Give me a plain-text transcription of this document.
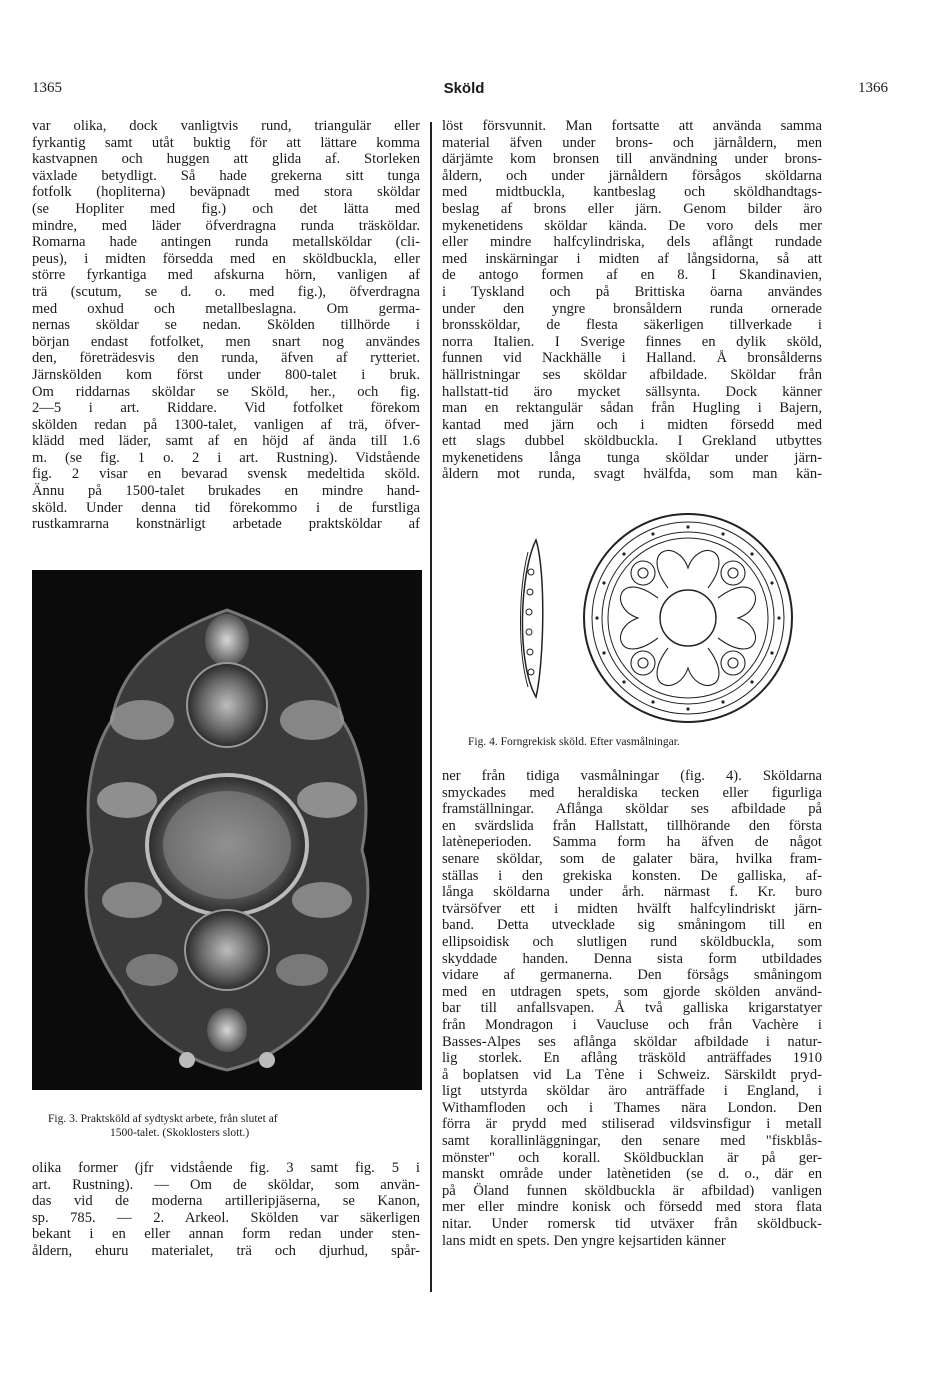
1365	Sköld	1366
var olika, dock vanligtvis rund, triangulär eller
fyrkantig samt utåt buktig för att lättare komma
kastvapnen och huggen att glida af. Storleken
växlade betydligt. Så hade grekerna sitt tunga
fotfolk (hopliterna) beväpnadt med stora sköldar
(se Hopliter med fig.) och det lätta med
mindre, med läder öfverdragna runda träsköldar.
Romarna hade antingen runda metallsköldar (cli-
peus), i midten försedda med en sköldbuckla, eller
större fyrkantiga med afskurna hörn, vanligen af
trä (scutum, se d. o. med fig.), öfverdragna
med oxhud och metallbeslagna. Om germa-
nernas sköldar se nedan. Skölden tillhörde i
början endast fotfolket, men snart nog användes
den, företrädesvis den runda, äfven af rytteriet.
Järnskölden kom först under 800-talet i bruk.
Om riddarnas sköldar se Sköld, her., och fig.
2—5 i art. Riddare. Vid fotfolket förekom
skölden redan på 1300-talet, vanligen af trä, öfver-
klädd med läder, samt af en höjd af ända till 1.6
m. (se fig. 1 o. 2 i art. Rustning). Vidstående
fig. 2 visar en bevarad svensk medeltida sköld.
Ännu på 1500-talet brukades en mindre hand-
sköld. Under denna tid förekommo i de furstliga
rustkamrarna konstnärligt arbetade praktsköldar af
Fig. 3. Praktsköld af sydtyskt arbete, från slutet af
1500-talet. (Skoklosters slott.)
olika former (jfr vidstående fig. 3 samt fig. 5 i
art. Rustning). — Om de sköldar, som använ-
das vid de moderna artilleripjäserna, se Kanon,
sp. 785. — 2. Arkeol. Skölden var säkerligen
bekant i en eller annan form redan under sten-
åldern, ehuru materialet, trä och djurhud, spår-
löst försvunnit. Man fortsatte att använda samma
material äfven under brons- och järnåldern, men
därjämte kom bronsen till användning under brons-
åldern, och under järnåldern försågos sköldarna
med midtbuckla, kantbeslag och sköldhandtags-
beslag af brons eller järn. Genom bilder äro
mykenetidens sköldar kända. De voro dels mer
eller mindre halfcylindriska, dels aflångt rundade
med inskärningar i midten af långsidorna, så att
de antogo formen af en 8. I Skandinavien,
i Tyskland och på Brittiska öarna användes
under den yngre bronsåldern runda ornerade
bronssköldar, de flesta säkerligen tillverkade i
norra Italien. I Sverige finnes en dylik sköld,
funnen vid Nackhälle i Halland. Å bronsålderns
hällristningar ses sköldar afbildade. Sköldar från
hallstatt-tid äro mycket sällsynta. Dock känner
man en rektangulär sådan från Hugling i Bajern,
kantad med järn och i midten försedd med
ett slags dubbel sköldbuckla. I Grekland utbyttes
mykenetidens långa tunga sköldar under järn-
åldern mot runda, svagt hvälfda, som man kän-
Fig. 4. Forngrekisk sköld. Efter vasmålningar.
ner från tidiga vasmålningar (fig. 4). Sköldarna
smyckades med heraldiska tecken eller figurliga
framställningar. Aflånga sköldar ses afbildade på
en svärdslida från Hallstatt, tillhörande den första
latèneperioden. Samma form ha äfven de något
senare sköldar, som de galater bära, hvilka fram-
ställas i den grekiska konsten. De galliska, af-
långa sköldarna under årh. närmast f. Kr. buro
tvärsöfver ett i midten hvälft halfcylindriskt järn-
band. Detta utvecklade sig småningom till en
ellipsoidisk och slutligen rund sköldbuckla, som
skyddade handen. Denna sista form utbildades
vidare af germanerna. Den försågs småningom
med en utdragen spets, som gjorde skölden använd-
bar till anfallsvapen. Å två galliska krigarstatyer
från Mondragon i Vaucluse och från Vachère i
Basses-Alpes ses aflånga sköldar afbildade i natur-
lig storlek. En aflång träsköld anträffades 1910
å boplatsen vid La Tène i Schweiz. Särskildt pryd-
ligt utstyrda sköldar äro anträffade i England, i
Withamfloden och i Thames nära London. Den
förra är prydd med stiliserad vildsvinsfigur i metall
samt korallinläggningar, den senare med "fiskblås-
mönster" och korall. Sköldbucklan är på ger-
manskt område under latènetiden (se d. o., där en
på Öland funnen sköldbuckla är afbildad) vanligen
mer eller mindre konisk och försedd med stora flata
nitar. Under romersk tid utväxer från sköldbuck-
lans midt en spets. Den yngre kejsartiden känner
